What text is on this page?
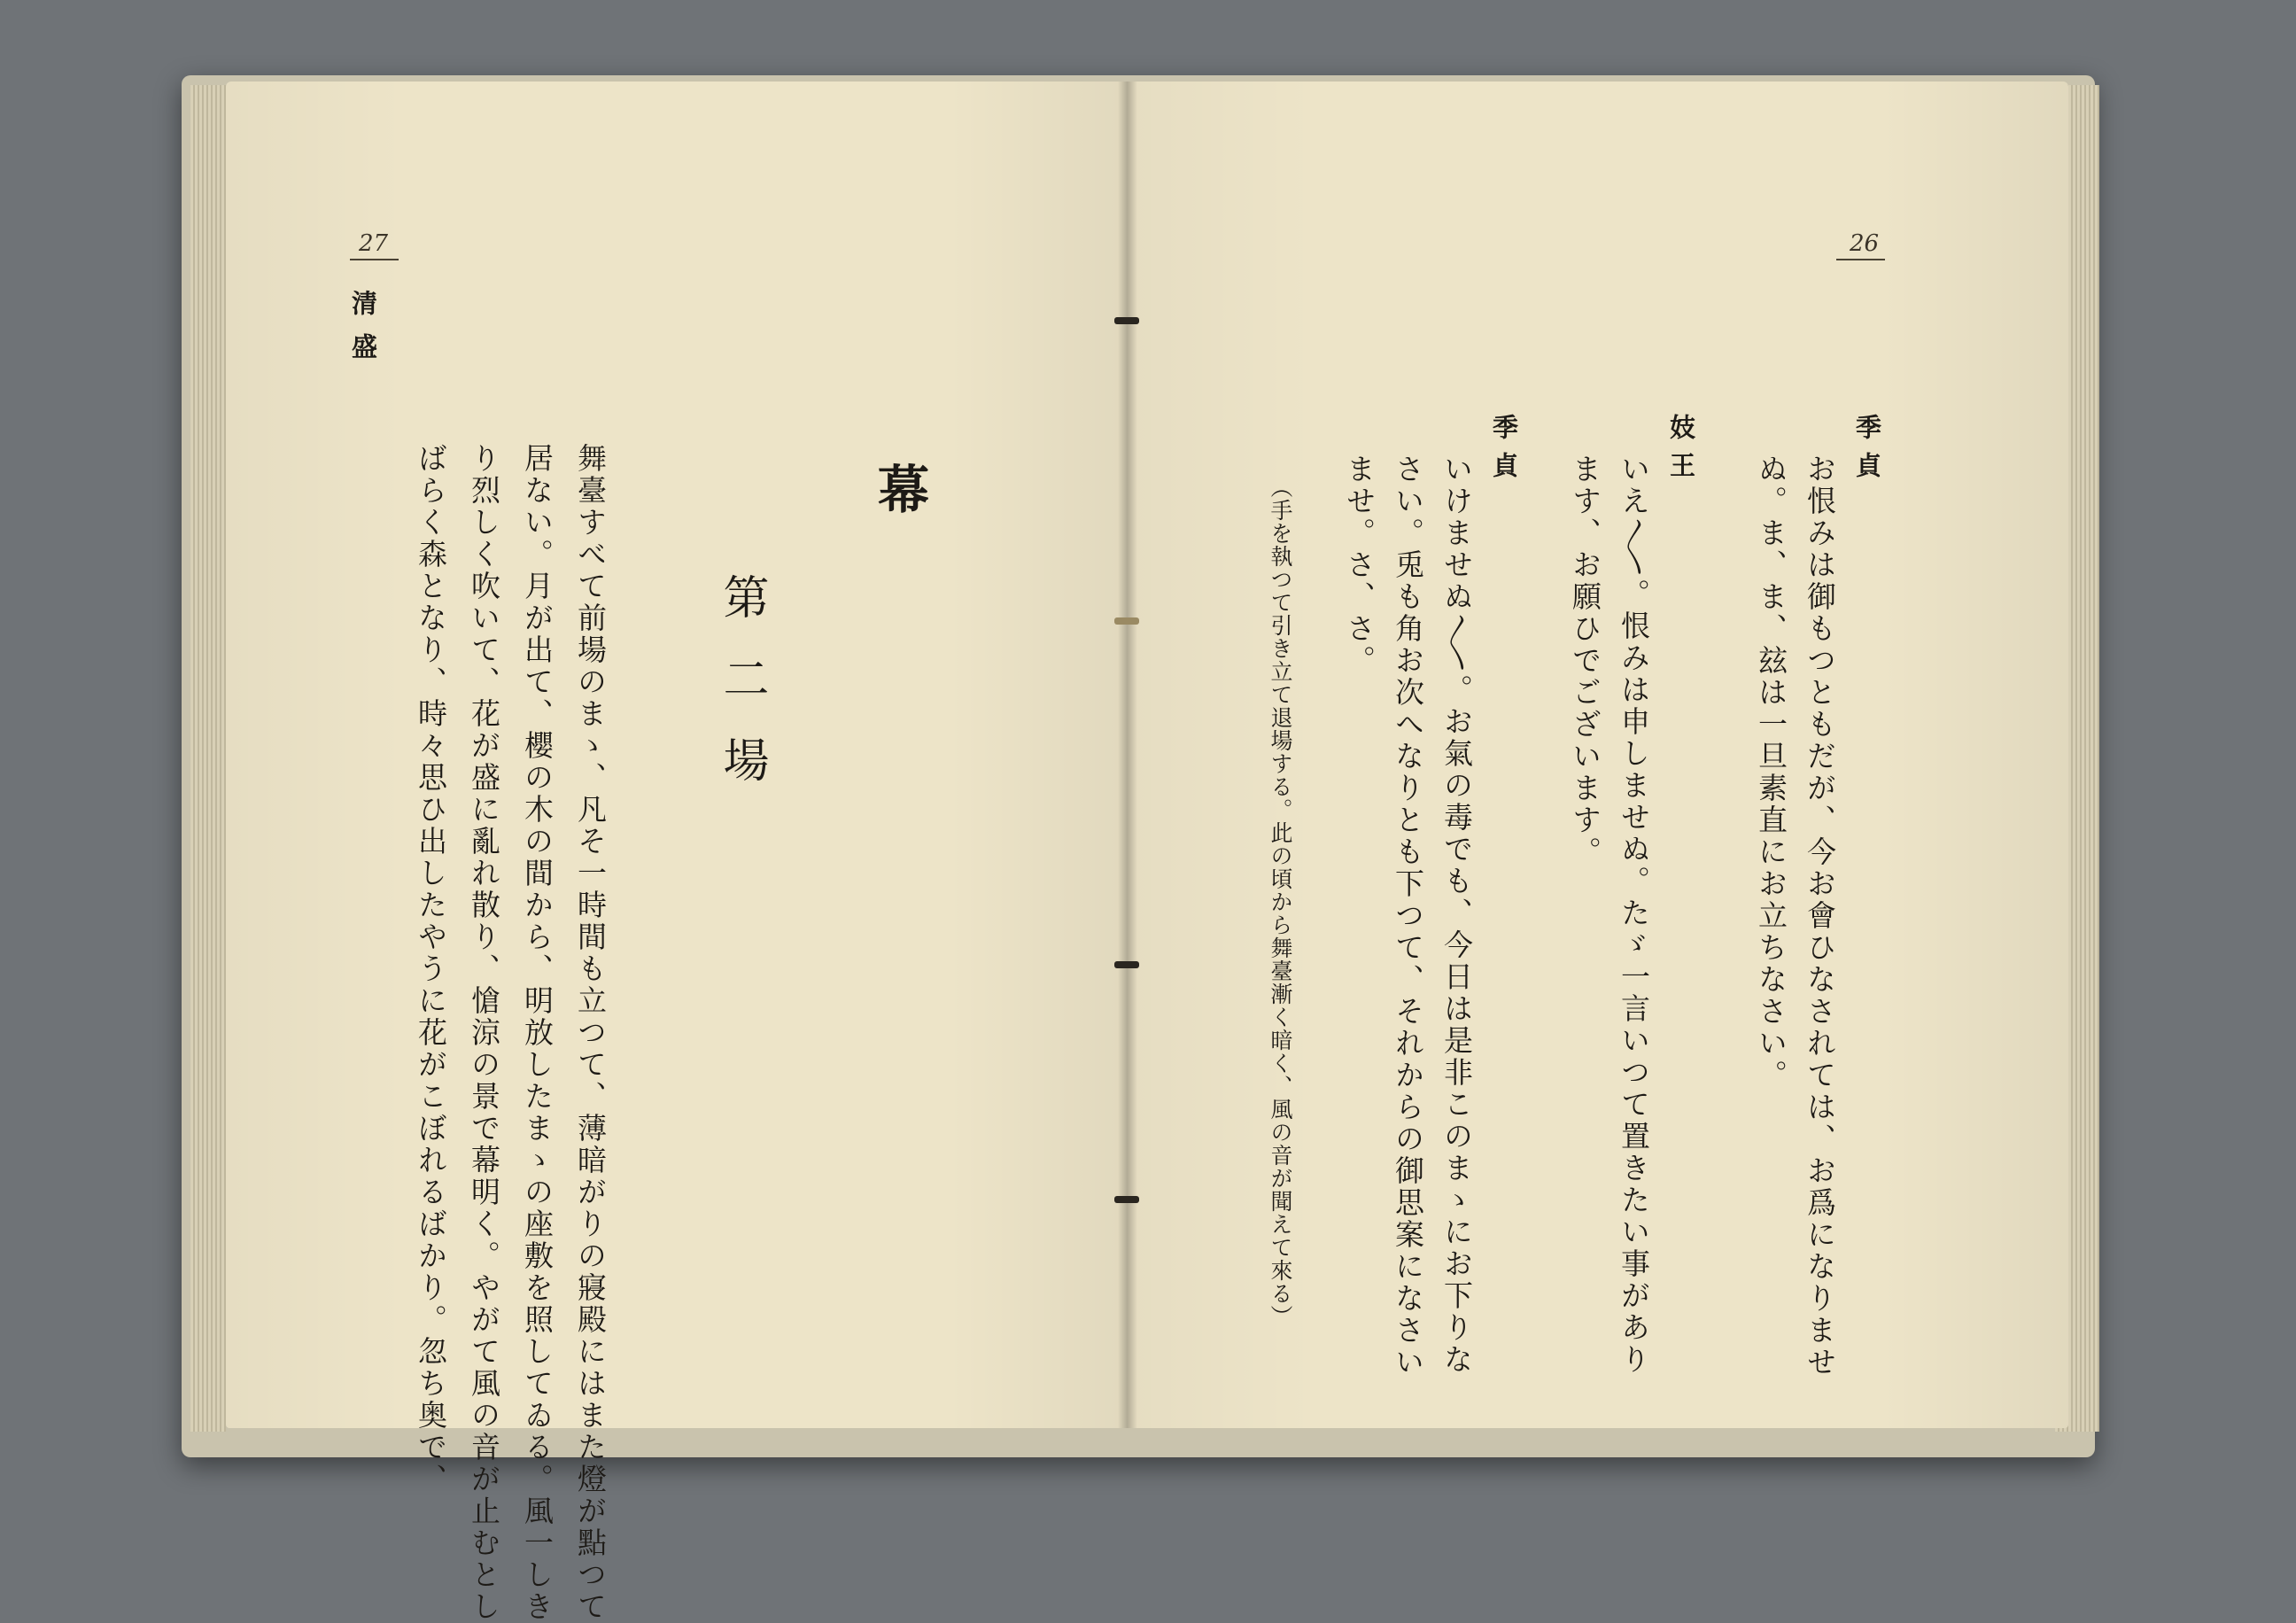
27
清盛
幕
第二場
舞臺すべて前場のまゝ、凡そ一時間も立つて、薄暗がりの寢殿にはまた燈が點つて
居ない。月が出て、櫻の木の間から、明放したまゝの座敷を照してゐる。風一しき
り烈しく吹いて、花が盛に亂れ散り、愴涼の景で幕明く。やがて風の音が止むとし
ばらく森となり、時々思ひ出したやうに花がこぼれるばかり。忽ち奥で、
26
季貞
お恨みは御もつともだが、今お會ひなされては、お爲になりませ
ぬ。ま、ま、玆は一旦素直にお立ちなさい。
妓王
いえ〳〵。恨みは申しませぬ。たゞ一言いつて置きたい事があり
ます、お願ひでございます。
季貞
いけませぬ〳〵。お氣の毒でも、今日は是非このまゝにお下りな
さい。兎も角お次へなりとも下つて、それからの御思案になさい
ませ。さ、さ。
（手を執つて引き立て退場する。此の頃から舞臺漸く暗く、風の音が聞えて來る）
